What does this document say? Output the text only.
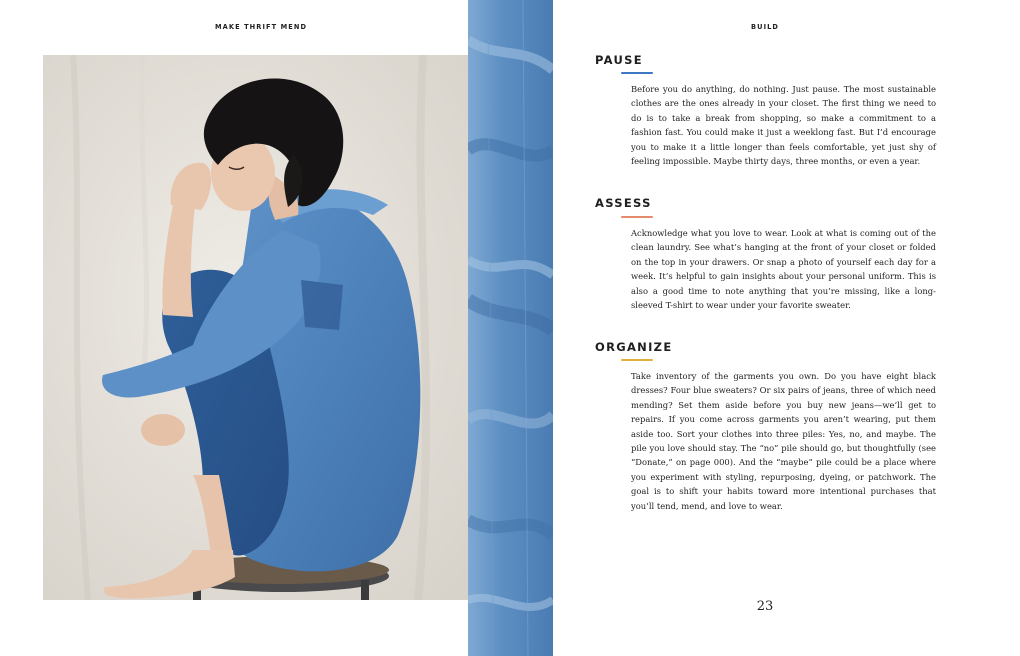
MAKE THRIFT MEND	BUILD
PAUSE
Before you do anything, do nothing. Just pause. The most sustainable clothes are the ones already in your closet. The first thing we need to do is to take a break from shopping, so make a commitment to a fashion fast. You could make it just a weeklong fast. But I’d encourage you to make it a little longer than feels comfortable, yet just shy of feeling impossible. Maybe thirty days, three months, or even a year.
ASSESS
Acknowledge what you love to wear. Look at what is coming out of the clean laundry. See what’s hanging at the front of your closet or folded on the top in your drawers. Or snap a photo of yourself each day for a week. It’s helpful to gain insights about your personal uniform. This is also a good time to note anything that you’re missing, like a long-sleeved T-shirt to wear under your favorite sweater.
ORGANIZE
Take inventory of the garments you own. Do you have eight black dresses? Four blue sweaters? Or six pairs of jeans, three of which need mending? Set them aside before you buy new jeans—we’ll get to repairs. If you come across garments you aren’t wearing, put them aside too. Sort your clothes into three piles: Yes, no, and maybe. The pile you love should stay. The “no” pile should go, but thoughtfully (see “Donate,” on page 000). And the “maybe” pile could be a place where you experiment with styling, repurposing, dyeing, or patchwork. The goal is to shift your habits toward more intentional purchases that you’ll tend, mend, and love to wear.
23
